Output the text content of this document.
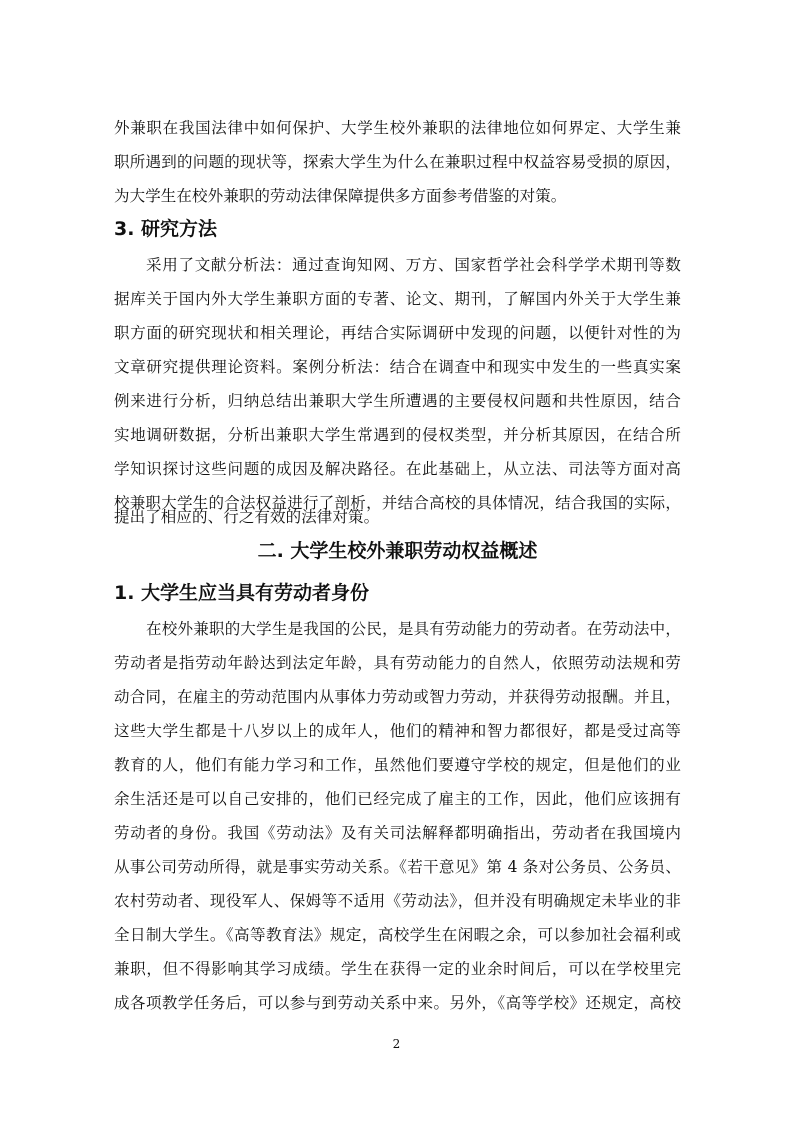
外兼职在我国法律中如何保护、大学生校外兼职的法律地位如何界定、大学生兼
职所遇到的问题的现状等，探索大学生为什么在兼职过程中权益容易受损的原因，
为大学生在校外兼职的劳动法律保障提供多方面参考借鉴的对策。
3. 研究方法
采用了文献分析法：通过查询知网、万方、国家哲学社会科学学术期刊等数
据库关于国内外大学生兼职方面的专著、论文、期刊，了解国内外关于大学生兼
职方面的研究现状和相关理论，再结合实际调研中发现的问题，以便针对性的为
文章研究提供理论资料。案例分析法：结合在调查中和现实中发生的一些真实案
例来进行分析，归纳总结出兼职大学生所遭遇的主要侵权问题和共性原因，结合
实地调研数据，分析出兼职大学生常遇到的侵权类型，并分析其原因，在结合所
学知识探讨这些问题的成因及解决路径。在此基础上，从立法、司法等方面对高
校兼职大学生的合法权益进行了剖析，并结合高校的具体情况，结合我国的实际，
提出了相应的、行之有效的法律对策。
二. 大学生校外兼职劳动权益概述
1. 大学生应当具有劳动者身份
在校外兼职的大学生是我国的公民，是具有劳动能力的劳动者。在劳动法中，
劳动者是指劳动年龄达到法定年龄，具有劳动能力的自然人，依照劳动法规和劳
动合同，在雇主的劳动范围内从事体力劳动或智力劳动，并获得劳动报酬。并且，
这些大学生都是十八岁以上的成年人，他们的精神和智力都很好，都是受过高等
教育的人，他们有能力学习和工作，虽然他们要遵守学校的规定，但是他们的业
余生活还是可以自己安排的，他们已经完成了雇主的工作，因此，他们应该拥有
劳动者的身份。我国《劳动法》及有关司法解释都明确指出，劳动者在我国境内
从事公司劳动所得，就是事实劳动关系。《若干意见》第 4 条对公务员、公务员、
农村劳动者、现役军人、保姆等不适用《劳动法》，但并没有明确规定未毕业的非
全日制大学生。《高等教育法》规定，高校学生在闲暇之余，可以参加社会福利或
兼职，但不得影响其学习成绩。学生在获得一定的业余时间后，可以在学校里完
成各项教学任务后，可以参与到劳动关系中来。另外，《高等学校》还规定，高校
2
